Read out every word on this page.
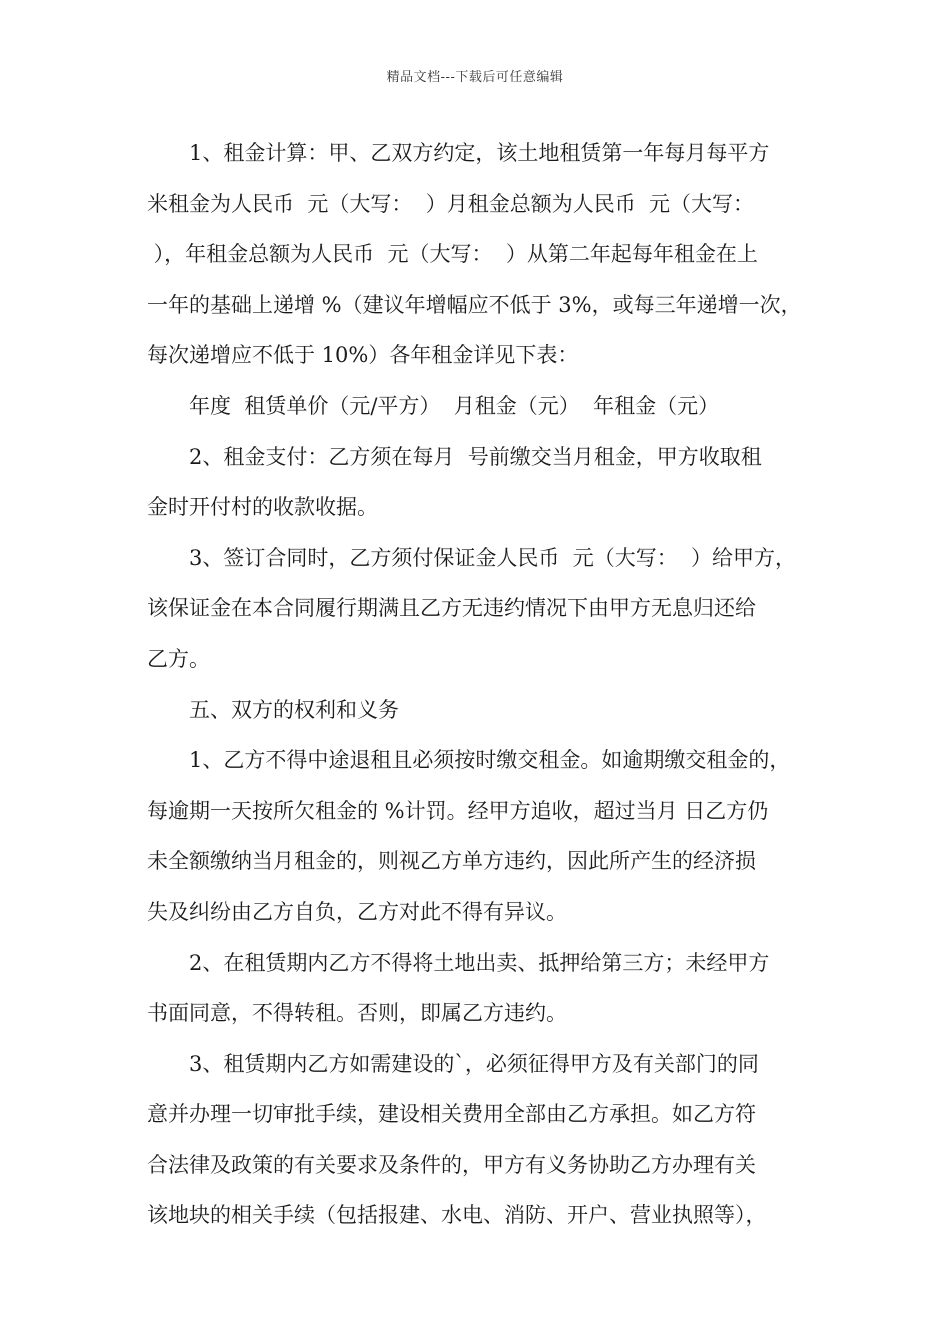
精品文档---下载后可任意编辑
1、租金计算：甲、乙双方约定，该土地租赁第一年每月每平方
米租金为人民币  元（大写：  ）月租金总额为人民币  元（大写：
），年租金总额为人民币  元（大写：  ）从第二年起每年租金在上
一年的基础上递增 %（建议年增幅应不低于 3%，或每三年递增一次，
每次递增应不低于 10%）各年租金详见下表：
年度  租赁单价（元/平方）  月租金（元）  年租金（元）
2、租金支付：乙方须在每月  号前缴交当月租金，甲方收取租
金时开付村的收款收据。
3、签订合同时，乙方须付保证金人民币  元（大写：  ）给甲方，
该保证金在本合同履行期满且乙方无违约情况下由甲方无息归还给
乙方。
五、双方的权利和义务
1、乙方不得中途退租且必须按时缴交租金。如逾期缴交租金的，
每逾期一天按所欠租金的 %计罚。经甲方追收，超过当月 日乙方仍
未全额缴纳当月租金的，则视乙方单方违约，因此所产生的经济损
失及纠纷由乙方自负，乙方对此不得有异议。
2、在租赁期内乙方不得将土地出卖、抵押给第三方；未经甲方
书面同意，不得转租。否则，即属乙方违约。
3、租赁期内乙方如需建设的`，必须征得甲方及有关部门的同
意并办理一切审批手续，建设相关费用全部由乙方承担。如乙方符
合法律及政策的有关要求及条件的，甲方有义务协助乙方办理有关
该地块的相关手续（包括报建、水电、消防、开户、营业执照等），
